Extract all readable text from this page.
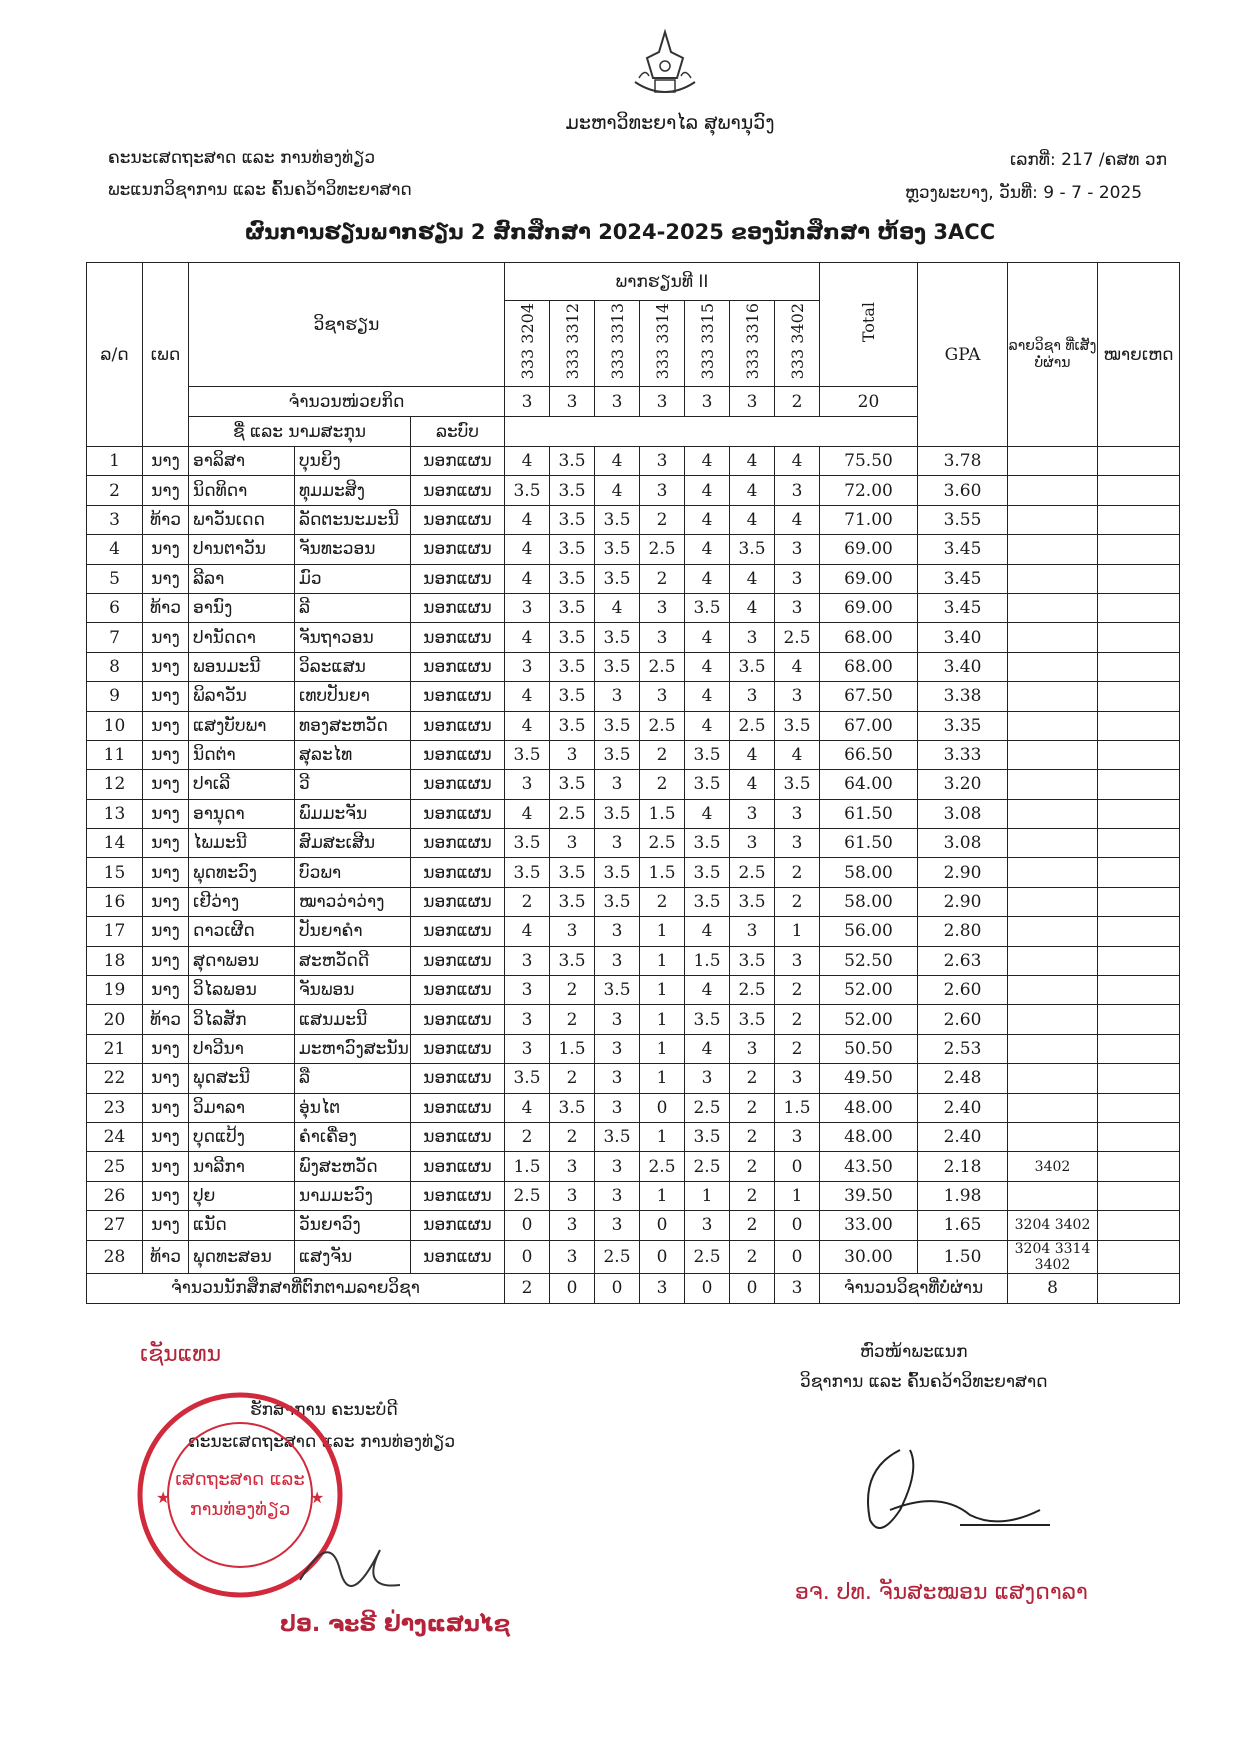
ມະຫາວິທະຍາໄລ ສຸພານຸວົງ
ຄະນະເສດຖະສາດ ແລະ ການທ່ອງທ່ຽວ
ພະແນກວິຊາການ ແລະ ຄົ້ນຄວ້າວິທະຍາສາດ
ເລກທີ່: 217 /ຄສທ ວກ
ຫຼວງພະບາງ, ວັນທີ່: 9 - 7 - 2025
ຜົນການຮຽນພາກຮຽນ 2 ສົກສຶກສາ 2024-2025 ຂອງນັກສຶກສາ ຫ້ອງ 3ACC
ລ/ດ	ເພດ	ວິຊາຮຽນ			ພາກຮຽນທີ II							Total	GPA	ລາຍວິຊາ ທີ່ເສັງບໍ່ຜ່ານ	ໝາຍເຫດ
					333 3204	333 3312	333 3313	333 3314	333 3315	333 3316	333 3402				
		ຈຳນວນໜ່ວຍກິດ			3	3	3	3	3	3	2	20			
		ຊື່ ແລະ ນາມສະກຸນ		ລະບົບ											
1	ນາງ	ອາລິສາ	ບຸນຍິງ	ນອກແຜນ	4	3.5	4	3	4	4	4	75.50	3.78		
2	ນາງ	ນິດທິດາ	ທຸມມະສິງ	ນອກແຜນ	3.5	3.5	4	3	4	4	3	72.00	3.60		
3	ທ້າວ	ພາວັນເດດ	ລັດຕະນະມະນີ	ນອກແຜນ	4	3.5	3.5	2	4	4	4	71.00	3.55		
4	ນາງ	ປານຕາວັນ	ຈັນທະວອນ	ນອກແຜນ	4	3.5	3.5	2.5	4	3.5	3	69.00	3.45		
5	ນາງ	ລີລາ	ມົວ	ນອກແຜນ	4	3.5	3.5	2	4	4	3	69.00	3.45		
6	ທ້າວ	ອານົງ	ລີ	ນອກແຜນ	3	3.5	4	3	3.5	4	3	69.00	3.45		
7	ນາງ	ປານັດດາ	ຈັນຖາວອນ	ນອກແຜນ	4	3.5	3.5	3	4	3	2.5	68.00	3.40		
8	ນາງ	ພອນມະນີ	ວິລະແສນ	ນອກແຜນ	3	3.5	3.5	2.5	4	3.5	4	68.00	3.40		
9	ນາງ	ພິລາວັນ	ເທບປັນຍາ	ນອກແຜນ	4	3.5	3	3	4	3	3	67.50	3.38		
10	ນາງ	ແສງບັບພາ	ທອງສະຫວັດ	ນອກແຜນ	4	3.5	3.5	2.5	4	2.5	3.5	67.00	3.35		
11	ນາງ	ນິດຕ່າ	ສຸລະໄທ	ນອກແຜນ	3.5	3	3.5	2	3.5	4	4	66.50	3.33		
12	ນາງ	ປາເລີ	ວີ	ນອກແຜນ	3	3.5	3	2	3.5	4	3.5	64.00	3.20		
13	ນາງ	ອານຸດາ	ພົມມະຈັນ	ນອກແຜນ	4	2.5	3.5	1.5	4	3	3	61.50	3.08		
14	ນາງ	ໄພມະນີ	ສົມສະເສີນ	ນອກແຜນ	3.5	3	3	2.5	3.5	3	3	61.50	3.08		
15	ນາງ	ພຸດທະວົງ	ບົວພາ	ນອກແຜນ	3.5	3.5	3.5	1.5	3.5	2.5	2	58.00	2.90		
16	ນາງ	ເຢີວ່າງ	ໝາວວ່າວ່າງ	ນອກແຜນ	2	3.5	3.5	2	3.5	3.5	2	58.00	2.90		
17	ນາງ	ດາວເຜີດ	ປັນຍາຄຳ	ນອກແຜນ	4	3	3	1	4	3	1	56.00	2.80		
18	ນາງ	ສຸດາພອນ	ສະຫວັດດີ	ນອກແຜນ	3	3.5	3	1	1.5	3.5	3	52.50	2.63		
19	ນາງ	ວິໄລພອນ	ຈັນພອນ	ນອກແຜນ	3	2	3.5	1	4	2.5	2	52.00	2.60		
20	ທ້າວ	ວິໄລສັກ	ແສນມະນີ	ນອກແຜນ	3	2	3	1	3.5	3.5	2	52.00	2.60		
21	ນາງ	ປາວີນາ	ມະຫາວົງສະນັນ	ນອກແຜນ	3	1.5	3	1	4	3	2	50.50	2.53		
22	ນາງ	ພຸດສະນີ	ລື	ນອກແຜນ	3.5	2	3	1	3	2	3	49.50	2.48		
23	ນາງ	ວິມາລາ	ອຸ່ນໄຕ	ນອກແຜນ	4	3.5	3	0	2.5	2	1.5	48.00	2.40		
24	ນາງ	ບຸດແປ້ງ	ຄຳເຄື່ອງ	ນອກແຜນ	2	2	3.5	1	3.5	2	3	48.00	2.40		
25	ນາງ	ນາລີກາ	ພົງສະຫວັດ	ນອກແຜນ	1.5	3	3	2.5	2.5	2	0	43.50	2.18	3402	
26	ນາງ	ປຸຍ	ນາມມະວົງ	ນອກແຜນ	2.5	3	3	1	1	2	1	39.50	1.98		
27	ນາງ	ແນັດ	ວັນຍາວົງ	ນອກແຜນ	0	3	3	0	3	2	0	33.00	1.65	3204 3402	
28	ທ້າວ	ພຸດທະສອນ	ແສງຈັນ	ນອກແຜນ	0	3	2.5	0	2.5	2	0	30.00	1.50	3204 3314 3402	
ຈຳນວນນັກສຶກສາທີ່ຕົກຕາມລາຍວິຊາ					2	0	0	3	0	0	3	ຈຳນວນວິຊາທີ່ບໍ່ຜ່ານ		8	
ເຊັນແທນ
ຮັກສາການ ຄະນະບໍດີ
ຄະນະເສດຖະສາດ ແລະ ການທ່ອງທ່ຽວ
ຫົວໜ້າພະແນກ
ວິຊາການ ແລະ ຄົ້ນຄວ້າວິທະຍາສາດ
★	★
ເສດຖະສາດ ແລະ
ການທ່ອງທ່ຽວ
ປອ. ຈະຣີ ຢ່າງແສນໄຊ
ອຈ. ປທ. ຈັນສະໝອນ ແສງດາລາ
